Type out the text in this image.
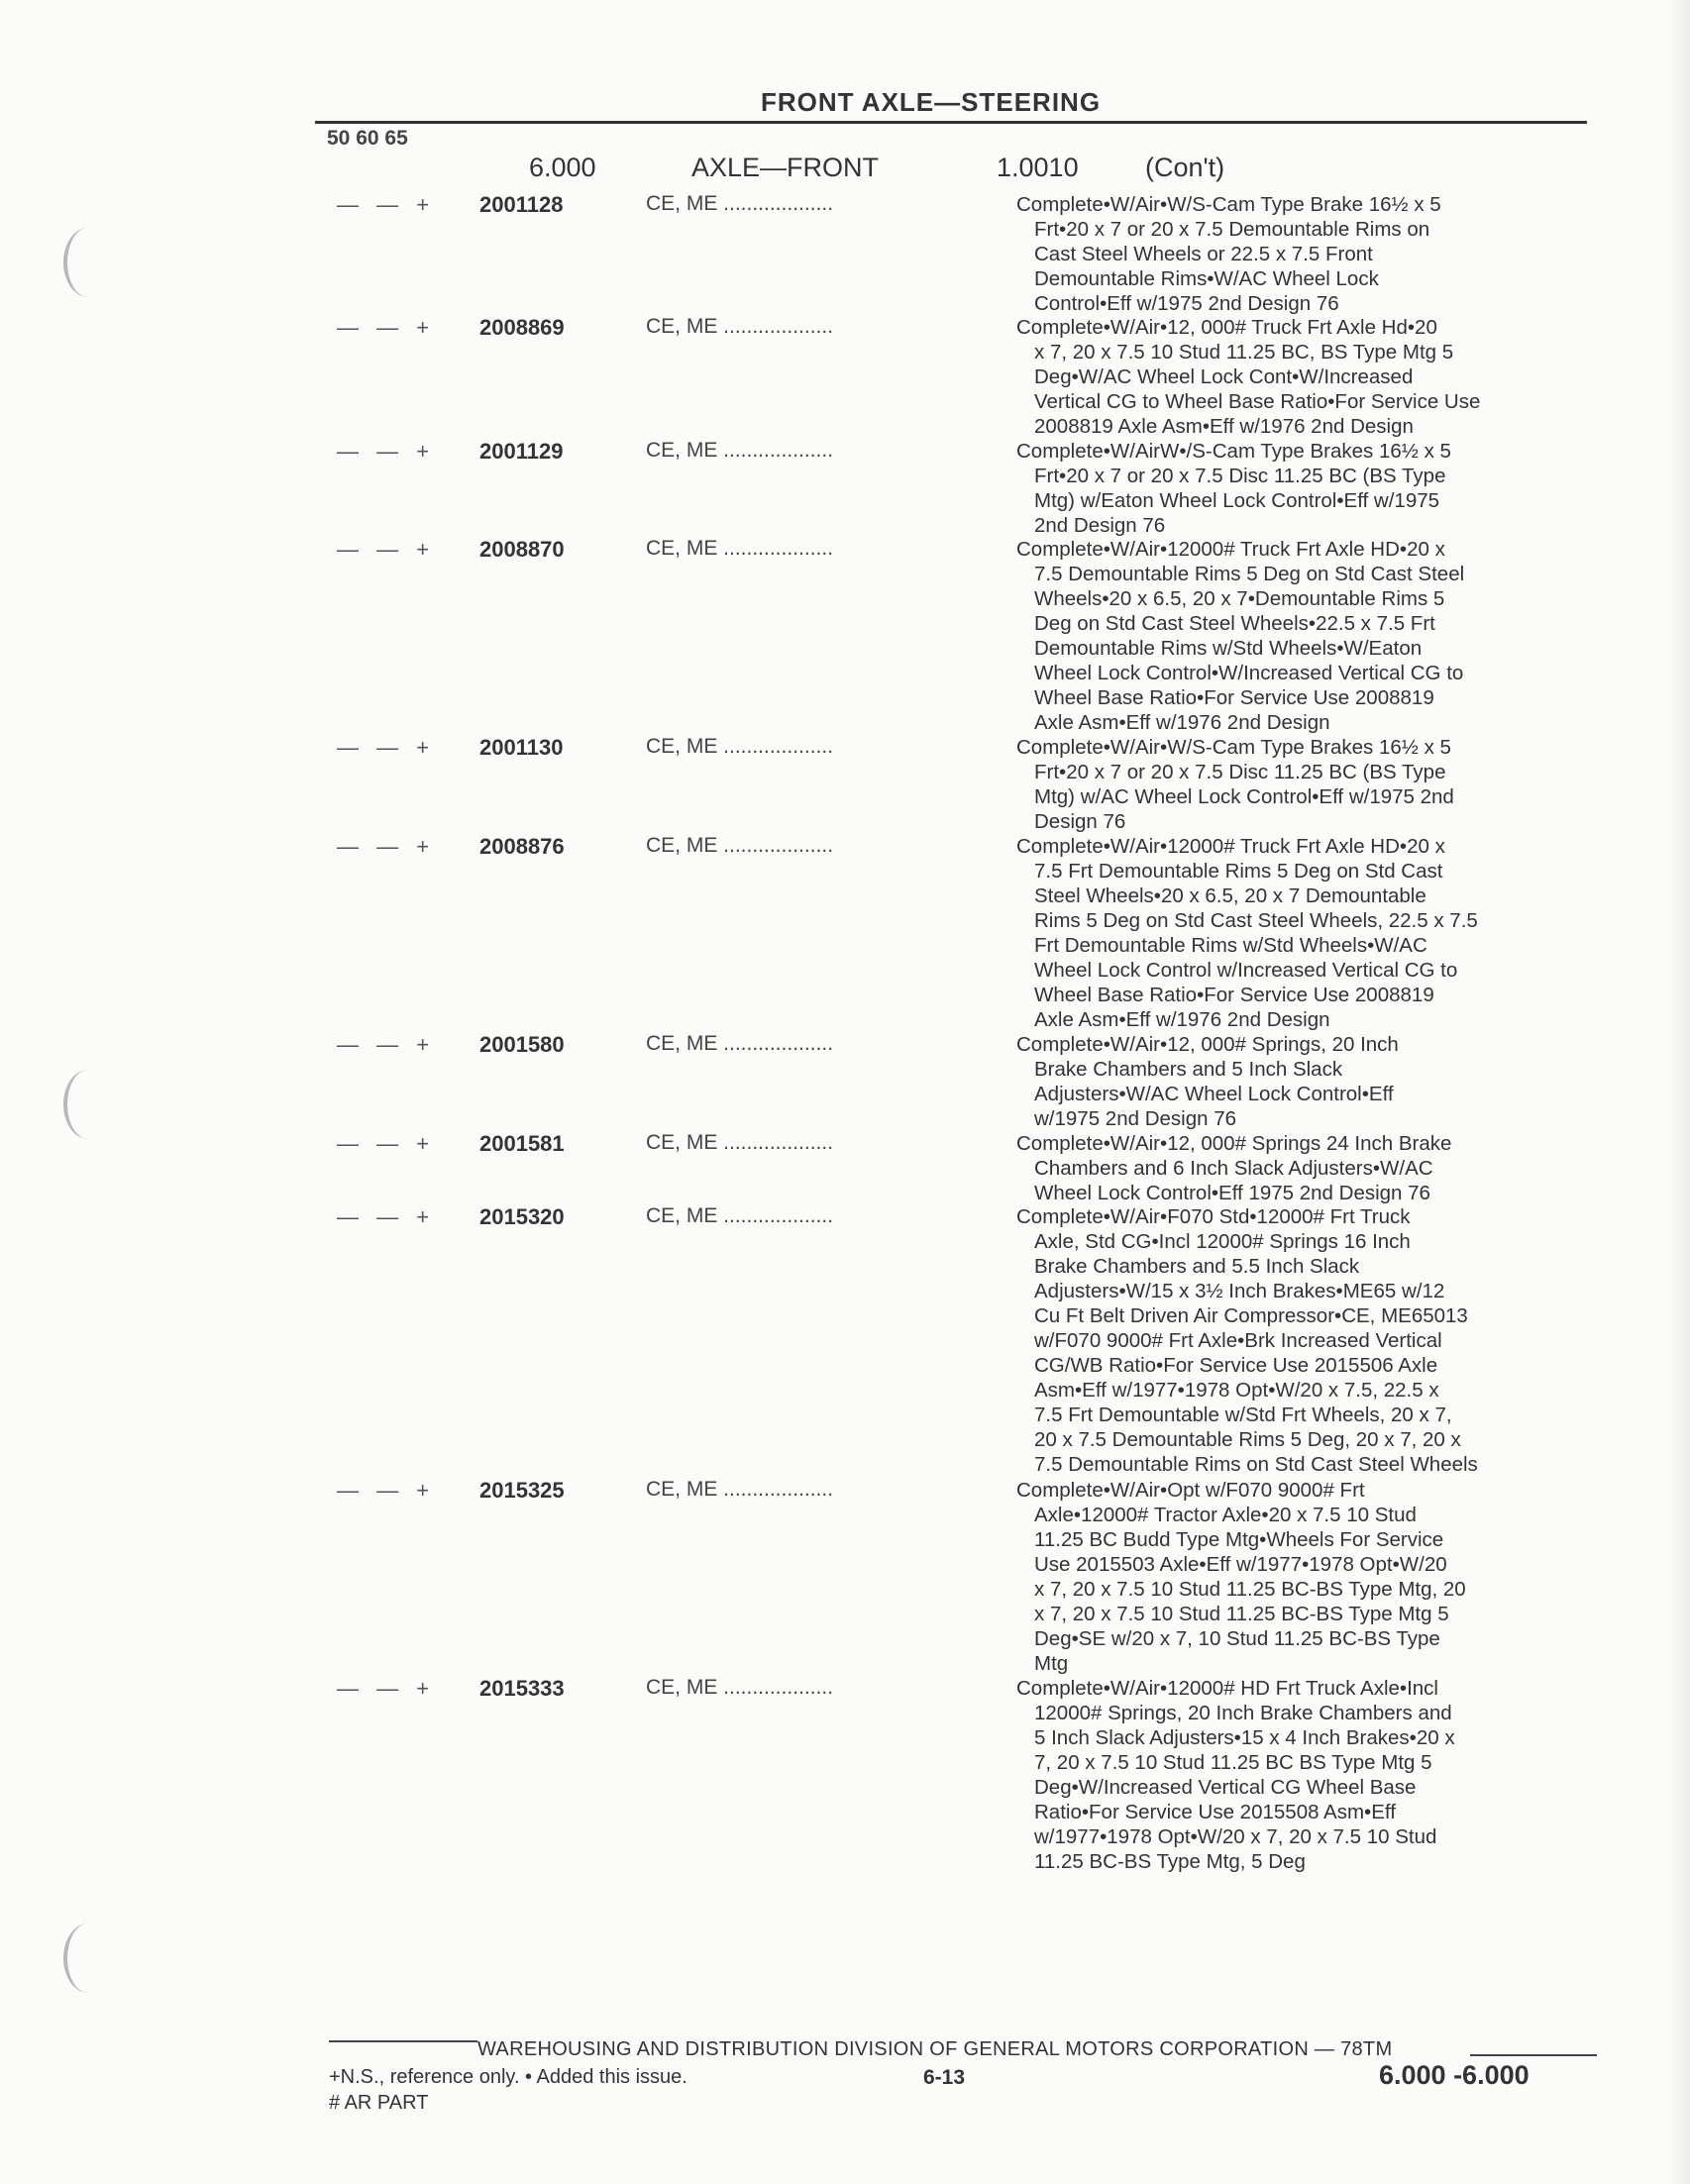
FRONT AXLE—STEERING
50 60 65
6.000	AXLE—FRONT	1.0010 (Con't)
— — + 2001128	CE, ME ...................	Complete•W/Air•W/S-Cam Type Brake 16½ x 5
Frt•20 x 7 or 20 x 7.5 Demountable Rims on
Cast Steel Wheels or 22.5 x 7.5 Front
Demountable Rims•W/AC Wheel Lock
Control•Eff w/1975 2nd Design 76
— — + 2008869	CE, ME ...................	Complete•W/Air•12, 000# Truck Frt Axle Hd•20
x 7, 20 x 7.5 10 Stud 11.25 BC, BS Type Mtg 5
Deg•W/AC Wheel Lock Cont•W/Increased
Vertical CG to Wheel Base Ratio•For Service Use
2008819 Axle Asm•Eff w/1976 2nd Design
— — + 2001129	CE, ME ...................	Complete•W/AirW•/S-Cam Type Brakes 16½ x 5
Frt•20 x 7 or 20 x 7.5 Disc 11.25 BC (BS Type
Mtg) w/Eaton Wheel Lock Control•Eff w/1975
2nd Design 76
— — + 2008870	CE, ME ...................	Complete•W/Air•12000# Truck Frt Axle HD•20 x
7.5 Demountable Rims 5 Deg on Std Cast Steel
Wheels•20 x 6.5, 20 x 7•Demountable Rims 5
Deg on Std Cast Steel Wheels•22.5 x 7.5 Frt
Demountable Rims w/Std Wheels•W/Eaton
Wheel Lock Control•W/Increased Vertical CG to
Wheel Base Ratio•For Service Use 2008819
Axle Asm•Eff w/1976 2nd Design
— — + 2001130	CE, ME ...................	Complete•W/Air•W/S-Cam Type Brakes 16½ x 5
Frt•20 x 7 or 20 x 7.5 Disc 11.25 BC (BS Type
Mtg) w/AC Wheel Lock Control•Eff w/1975 2nd
Design 76
— — + 2008876	CE, ME ...................	Complete•W/Air•12000# Truck Frt Axle HD•20 x
7.5 Frt Demountable Rims 5 Deg on Std Cast
Steel Wheels•20 x 6.5, 20 x 7 Demountable
Rims 5 Deg on Std Cast Steel Wheels, 22.5 x 7.5
Frt Demountable Rims w/Std Wheels•W/AC
Wheel Lock Control w/Increased Vertical CG to
Wheel Base Ratio•For Service Use 2008819
Axle Asm•Eff w/1976 2nd Design
— — + 2001580	CE, ME ...................	Complete•W/Air•12, 000# Springs, 20 Inch
Brake Chambers and 5 Inch Slack
Adjusters•W/AC Wheel Lock Control•Eff
w/1975 2nd Design 76
— — + 2001581	CE, ME ...................	Complete•W/Air•12, 000# Springs 24 Inch Brake
Chambers and 6 Inch Slack Adjusters•W/AC
Wheel Lock Control•Eff 1975 2nd Design 76
— — + 2015320	CE, ME ...................	Complete•W/Air•F070 Std•12000# Frt Truck
Axle, Std CG•Incl 12000# Springs 16 Inch
Brake Chambers and 5.5 Inch Slack
Adjusters•W/15 x 3½ Inch Brakes•ME65 w/12
Cu Ft Belt Driven Air Compressor•CE, ME65013
w/F070 9000# Frt Axle•Brk Increased Vertical
CG/WB Ratio•For Service Use 2015506 Axle
Asm•Eff w/1977•1978 Opt•W/20 x 7.5, 22.5 x
7.5 Frt Demountable w/Std Frt Wheels, 20 x 7,
20 x 7.5 Demountable Rims 5 Deg, 20 x 7, 20 x
7.5 Demountable Rims on Std Cast Steel Wheels
— — + 2015325	CE, ME ...................	Complete•W/Air•Opt w/F070 9000# Frt
Axle•12000# Tractor Axle•20 x 7.5 10 Stud
11.25 BC Budd Type Mtg•Wheels For Service
Use 2015503 Axle•Eff w/1977•1978 Opt•W/20
x 7, 20 x 7.5 10 Stud 11.25 BC-BS Type Mtg, 20
x 7, 20 x 7.5 10 Stud 11.25 BC-BS Type Mtg 5
Deg•SE w/20 x 7, 10 Stud 11.25 BC-BS Type
Mtg
— — + 2015333	CE, ME ...................	Complete•W/Air•12000# HD Frt Truck Axle•Incl
12000# Springs, 20 Inch Brake Chambers and
5 Inch Slack Adjusters•15 x 4 Inch Brakes•20 x
7, 20 x 7.5 10 Stud 11.25 BC BS Type Mtg 5
Deg•W/Increased Vertical CG Wheel Base
Ratio•For Service Use 2015508 Asm•Eff
w/1977•1978 Opt•W/20 x 7, 20 x 7.5 10 Stud
11.25 BC-BS Type Mtg, 5 Deg
WAREHOUSING AND DISTRIBUTION DIVISION OF GENERAL MOTORS CORPORATION — 78TM
+N.S., reference only. • Added this issue.
# AR PART
6-13	6.000 -6.000
